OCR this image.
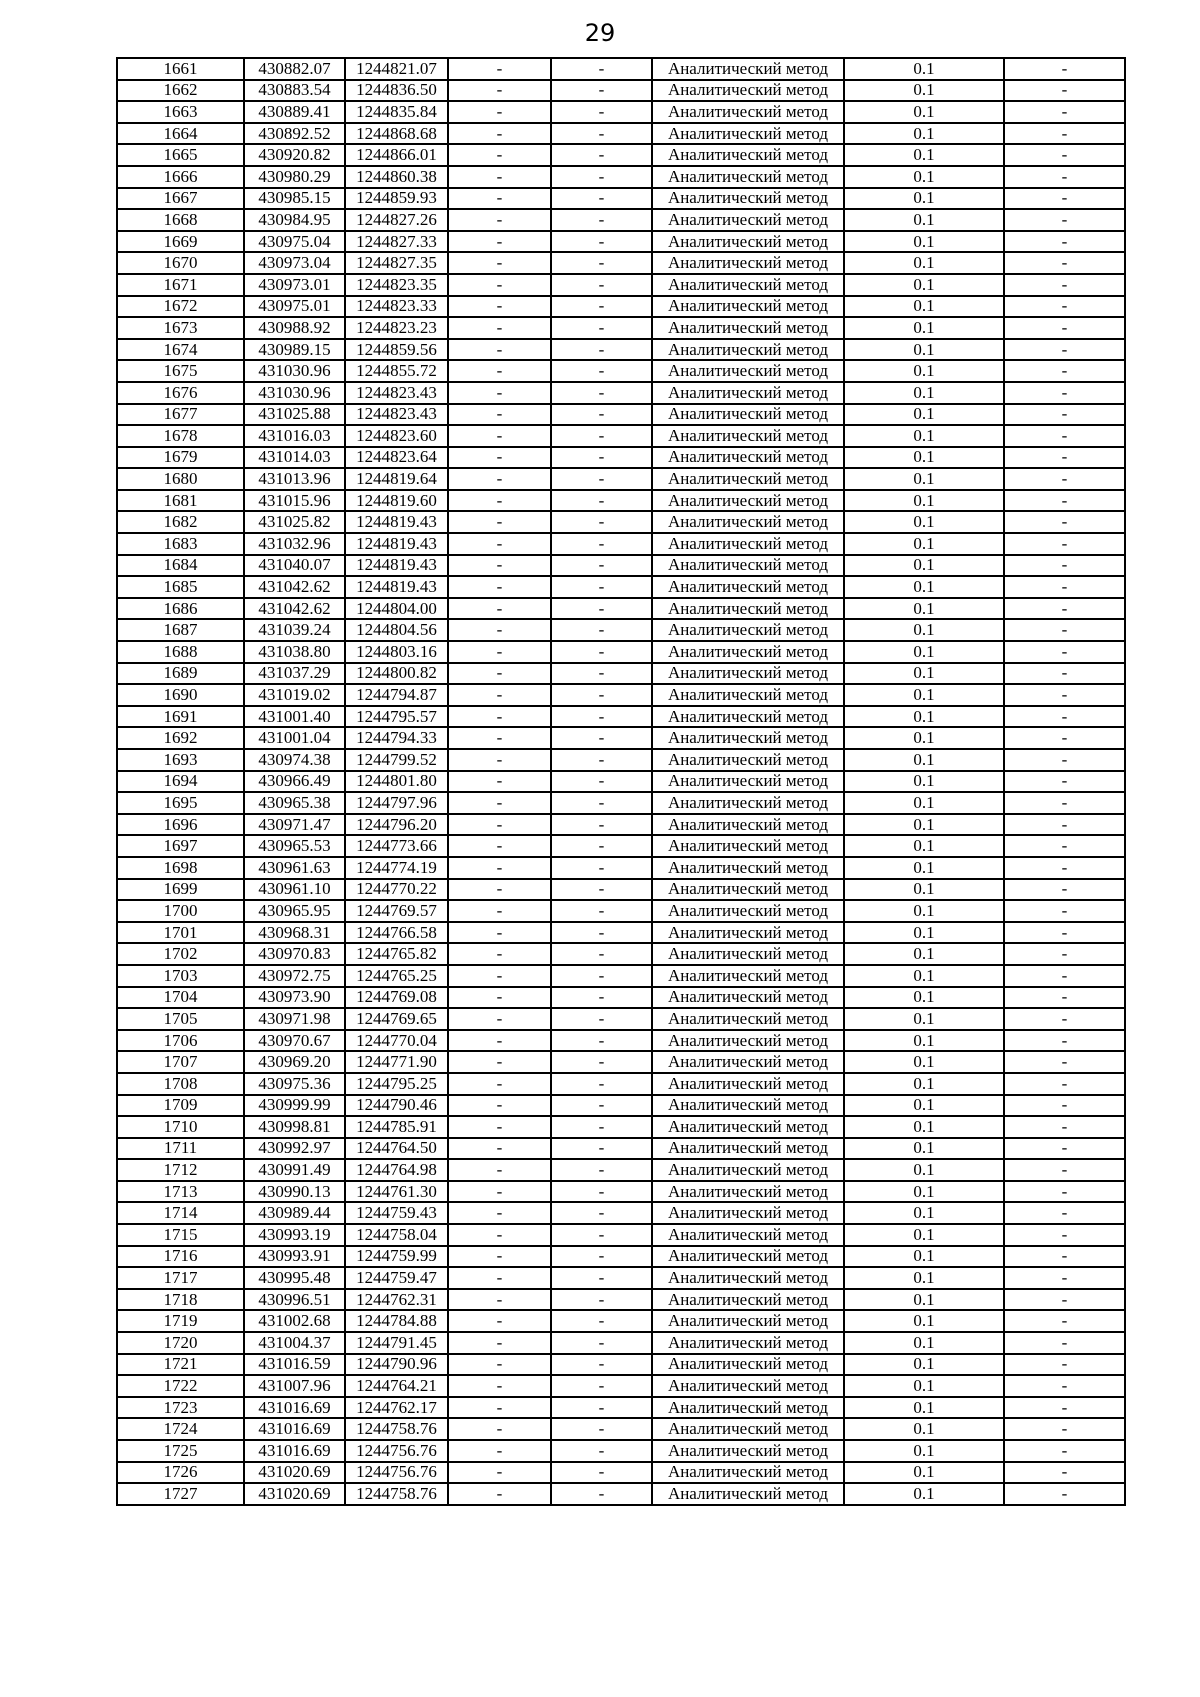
29
1661	430882.07	1244821.07	-	-	Аналитический метод	0.1	-
1662	430883.54	1244836.50	-	-	Аналитический метод	0.1	-
1663	430889.41	1244835.84	-	-	Аналитический метод	0.1	-
1664	430892.52	1244868.68	-	-	Аналитический метод	0.1	-
1665	430920.82	1244866.01	-	-	Аналитический метод	0.1	-
1666	430980.29	1244860.38	-	-	Аналитический метод	0.1	-
1667	430985.15	1244859.93	-	-	Аналитический метод	0.1	-
1668	430984.95	1244827.26	-	-	Аналитический метод	0.1	-
1669	430975.04	1244827.33	-	-	Аналитический метод	0.1	-
1670	430973.04	1244827.35	-	-	Аналитический метод	0.1	-
1671	430973.01	1244823.35	-	-	Аналитический метод	0.1	-
1672	430975.01	1244823.33	-	-	Аналитический метод	0.1	-
1673	430988.92	1244823.23	-	-	Аналитический метод	0.1	-
1674	430989.15	1244859.56	-	-	Аналитический метод	0.1	-
1675	431030.96	1244855.72	-	-	Аналитический метод	0.1	-
1676	431030.96	1244823.43	-	-	Аналитический метод	0.1	-
1677	431025.88	1244823.43	-	-	Аналитический метод	0.1	-
1678	431016.03	1244823.60	-	-	Аналитический метод	0.1	-
1679	431014.03	1244823.64	-	-	Аналитический метод	0.1	-
1680	431013.96	1244819.64	-	-	Аналитический метод	0.1	-
1681	431015.96	1244819.60	-	-	Аналитический метод	0.1	-
1682	431025.82	1244819.43	-	-	Аналитический метод	0.1	-
1683	431032.96	1244819.43	-	-	Аналитический метод	0.1	-
1684	431040.07	1244819.43	-	-	Аналитический метод	0.1	-
1685	431042.62	1244819.43	-	-	Аналитический метод	0.1	-
1686	431042.62	1244804.00	-	-	Аналитический метод	0.1	-
1687	431039.24	1244804.56	-	-	Аналитический метод	0.1	-
1688	431038.80	1244803.16	-	-	Аналитический метод	0.1	-
1689	431037.29	1244800.82	-	-	Аналитический метод	0.1	-
1690	431019.02	1244794.87	-	-	Аналитический метод	0.1	-
1691	431001.40	1244795.57	-	-	Аналитический метод	0.1	-
1692	431001.04	1244794.33	-	-	Аналитический метод	0.1	-
1693	430974.38	1244799.52	-	-	Аналитический метод	0.1	-
1694	430966.49	1244801.80	-	-	Аналитический метод	0.1	-
1695	430965.38	1244797.96	-	-	Аналитический метод	0.1	-
1696	430971.47	1244796.20	-	-	Аналитический метод	0.1	-
1697	430965.53	1244773.66	-	-	Аналитический метод	0.1	-
1698	430961.63	1244774.19	-	-	Аналитический метод	0.1	-
1699	430961.10	1244770.22	-	-	Аналитический метод	0.1	-
1700	430965.95	1244769.57	-	-	Аналитический метод	0.1	-
1701	430968.31	1244766.58	-	-	Аналитический метод	0.1	-
1702	430970.83	1244765.82	-	-	Аналитический метод	0.1	-
1703	430972.75	1244765.25	-	-	Аналитический метод	0.1	-
1704	430973.90	1244769.08	-	-	Аналитический метод	0.1	-
1705	430971.98	1244769.65	-	-	Аналитический метод	0.1	-
1706	430970.67	1244770.04	-	-	Аналитический метод	0.1	-
1707	430969.20	1244771.90	-	-	Аналитический метод	0.1	-
1708	430975.36	1244795.25	-	-	Аналитический метод	0.1	-
1709	430999.99	1244790.46	-	-	Аналитический метод	0.1	-
1710	430998.81	1244785.91	-	-	Аналитический метод	0.1	-
1711	430992.97	1244764.50	-	-	Аналитический метод	0.1	-
1712	430991.49	1244764.98	-	-	Аналитический метод	0.1	-
1713	430990.13	1244761.30	-	-	Аналитический метод	0.1	-
1714	430989.44	1244759.43	-	-	Аналитический метод	0.1	-
1715	430993.19	1244758.04	-	-	Аналитический метод	0.1	-
1716	430993.91	1244759.99	-	-	Аналитический метод	0.1	-
1717	430995.48	1244759.47	-	-	Аналитический метод	0.1	-
1718	430996.51	1244762.31	-	-	Аналитический метод	0.1	-
1719	431002.68	1244784.88	-	-	Аналитический метод	0.1	-
1720	431004.37	1244791.45	-	-	Аналитический метод	0.1	-
1721	431016.59	1244790.96	-	-	Аналитический метод	0.1	-
1722	431007.96	1244764.21	-	-	Аналитический метод	0.1	-
1723	431016.69	1244762.17	-	-	Аналитический метод	0.1	-
1724	431016.69	1244758.76	-	-	Аналитический метод	0.1	-
1725	431016.69	1244756.76	-	-	Аналитический метод	0.1	-
1726	431020.69	1244756.76	-	-	Аналитический метод	0.1	-
1727	431020.69	1244758.76	-	-	Аналитический метод	0.1	-
